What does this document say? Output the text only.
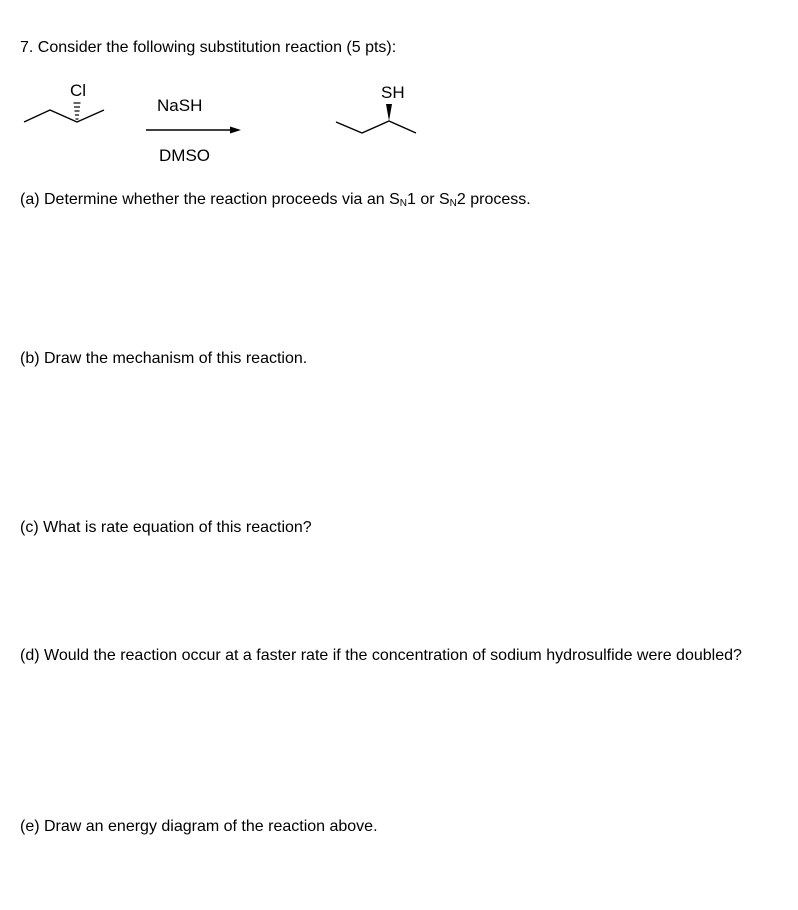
7. Consider the following substitution reaction (5 pts):
Cl
NaSH
DMSO
SH
(a) Determine whether the reaction proceeds via an SN1 or SN2 process.
(b) Draw the mechanism of this reaction.
(c) What is rate equation of this reaction?
(d) Would the reaction occur at a faster rate if the concentration of sodium hydrosulfide were doubled?
(e) Draw an energy diagram of the reaction above.
